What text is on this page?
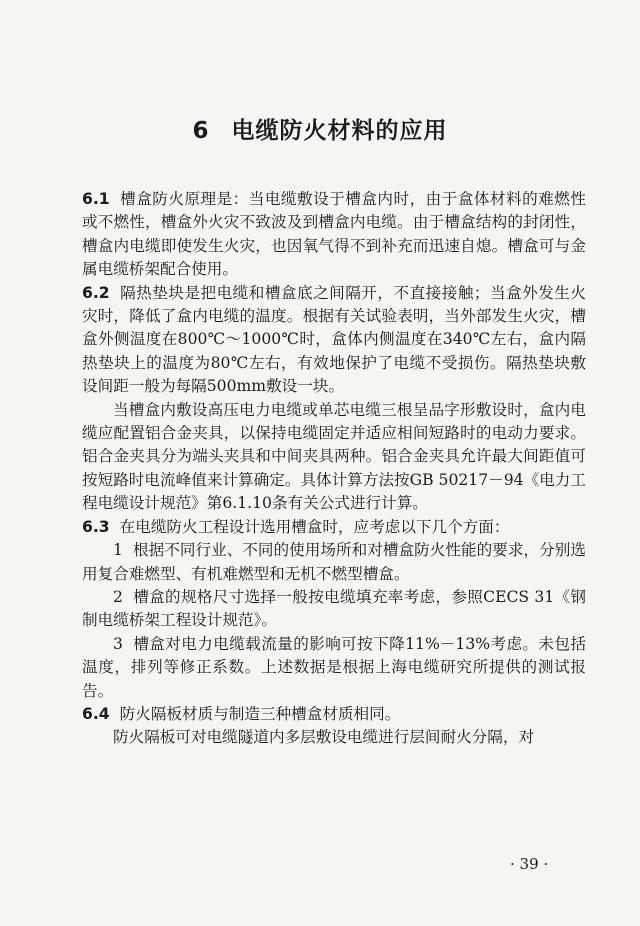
6 电缆防火材料的应用

6.1 槽盒防火原理是：当电缆敷设于槽盒内时，由于盒体材料的难燃性或不燃性，槽盒外火灾不致波及到槽盒内电缆。由于槽盒结构的封闭性，槽盒内电缆即使发生火灾，也因氧气得不到补充而迅速自熄。槽盒可与金属电缆桥架配合使用。

6.2 隔热垫块是把电缆和槽盒底之间隔开，不直接接触；当盒外发生火灾时，降低了盒内电缆的温度。根据有关试验表明，当外部发生火灾，槽盒外侧温度在800℃～1000℃时，盒体内侧温度在340℃左右，盒内隔热垫块上的温度为80℃左右，有效地保护了电缆不受损伤。隔热垫块敷设间距一般为每隔500mm敷设一块。

当槽盒内敷设高压电力电缆或单芯电缆三根呈品字形敷设时，盒内电缆应配置铝合金夹具，以保持电缆固定并适应相间短路时的电动力要求。铝合金夹具分为端头夹具和中间夹具两种。铝合金夹具允许最大间距值可按短路时电流峰值来计算确定。具体计算方法按GB 50217－94《电力工程电缆设计规范》第6.1.10条有关公式进行计算。

6.3 在电缆防火工程设计选用槽盒时，应考虑以下几个方面：

1 根据不同行业、不同的使用场所和对槽盒防火性能的要求，分别选用复合难燃型、有机难燃型和无机不燃型槽盒。

2 槽盒的规格尺寸选择一般按电缆填充率考虑，参照CECS 31《钢制电缆桥架工程设计规范》。

3 槽盒对电力电缆载流量的影响可按下降11%－13%考虑。未包括温度，排列等修正系数。上述数据是根据上海电缆研究所提供的测试报告。

6.4 防火隔板材质与制造三种槽盒材质相同。

防火隔板可对电缆隧道内多层敷设电缆进行层间耐火分隔，对

· 39 ·
